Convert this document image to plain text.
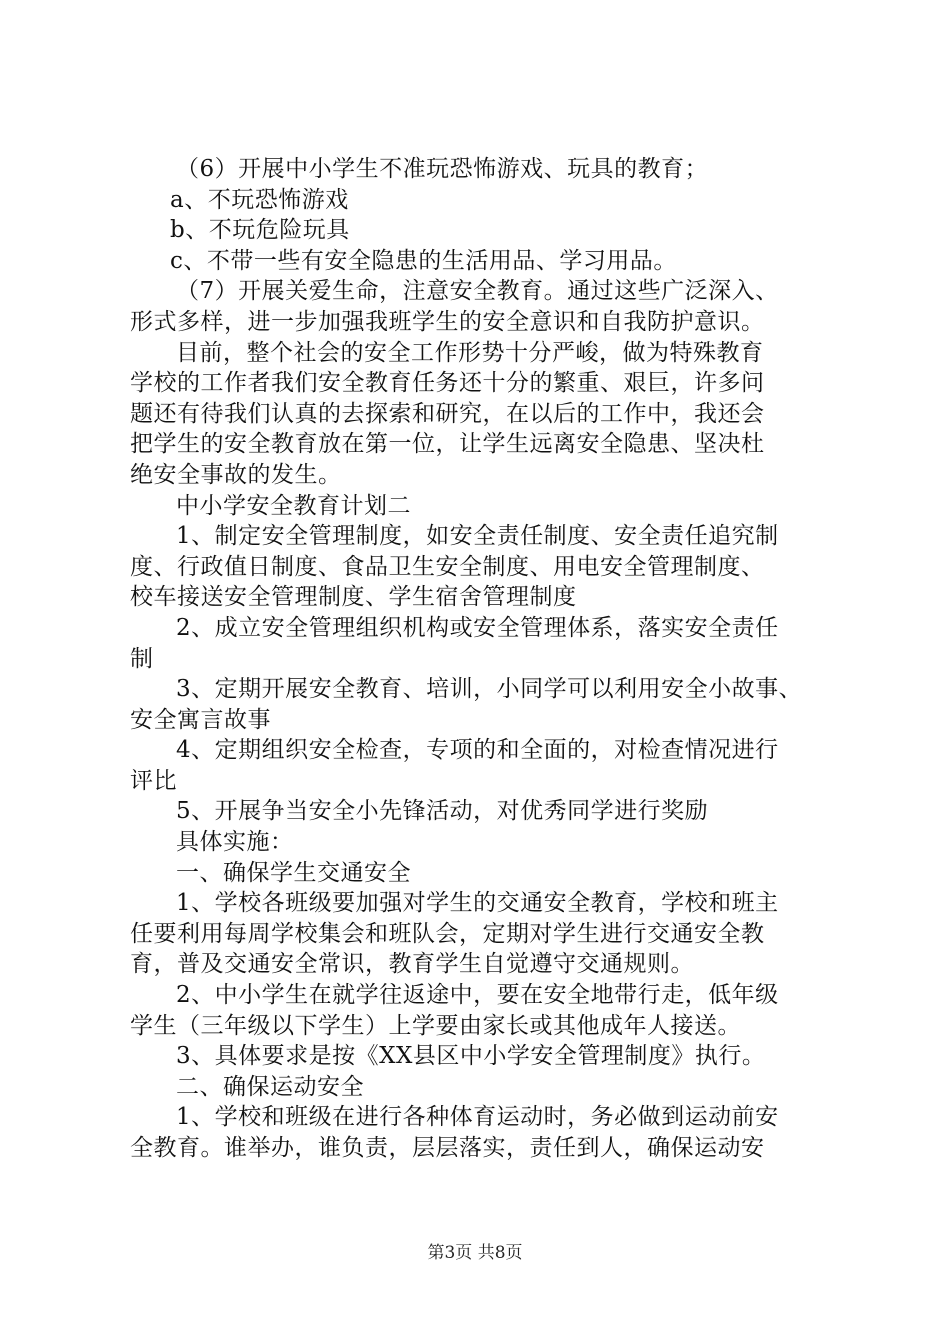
（6）开展中小学生不准玩恐怖游戏、玩具的教育；
a、不玩恐怖游戏
b、不玩危险玩具
c、不带一些有安全隐患的生活用品、学习用品。
（7）开展关爱生命，注意安全教育。通过这些广泛深入、
形式多样，进一步加强我班学生的安全意识和自我防护意识。
目前，整个社会的安全工作形势十分严峻，做为特殊教育
学校的工作者我们安全教育任务还十分的繁重、艰巨，许多问
题还有待我们认真的去探索和研究，在以后的工作中，我还会
把学生的安全教育放在第一位，让学生远离安全隐患、坚决杜
绝安全事故的发生。
中小学安全教育计划二
1、制定安全管理制度，如安全责任制度、安全责任追究制
度、行政值日制度、食品卫生安全制度、用电安全管理制度、
校车接送安全管理制度、学生宿舍管理制度
2、成立安全管理组织机构或安全管理体系，落实安全责任
制
3、定期开展安全教育、培训，小同学可以利用安全小故事、
安全寓言故事
4、定期组织安全检查，专项的和全面的，对检查情况进行
评比
5、开展争当安全小先锋活动，对优秀同学进行奖励
具体实施：
一、确保学生交通安全
1、学校各班级要加强对学生的交通安全教育，学校和班主
任要利用每周学校集会和班队会，定期对学生进行交通安全教
育，普及交通安全常识，教育学生自觉遵守交通规则。
2、中小学生在就学往返途中，要在安全地带行走，低年级
学生（三年级以下学生）上学要由家长或其他成年人接送。
3、具体要求是按《XX县区中小学安全管理制度》执行。
二、确保运动安全
1、学校和班级在进行各种体育运动时，务必做到运动前安
全教育。谁举办，谁负责，层层落实，责任到人，确保运动安
第3页 共8页
